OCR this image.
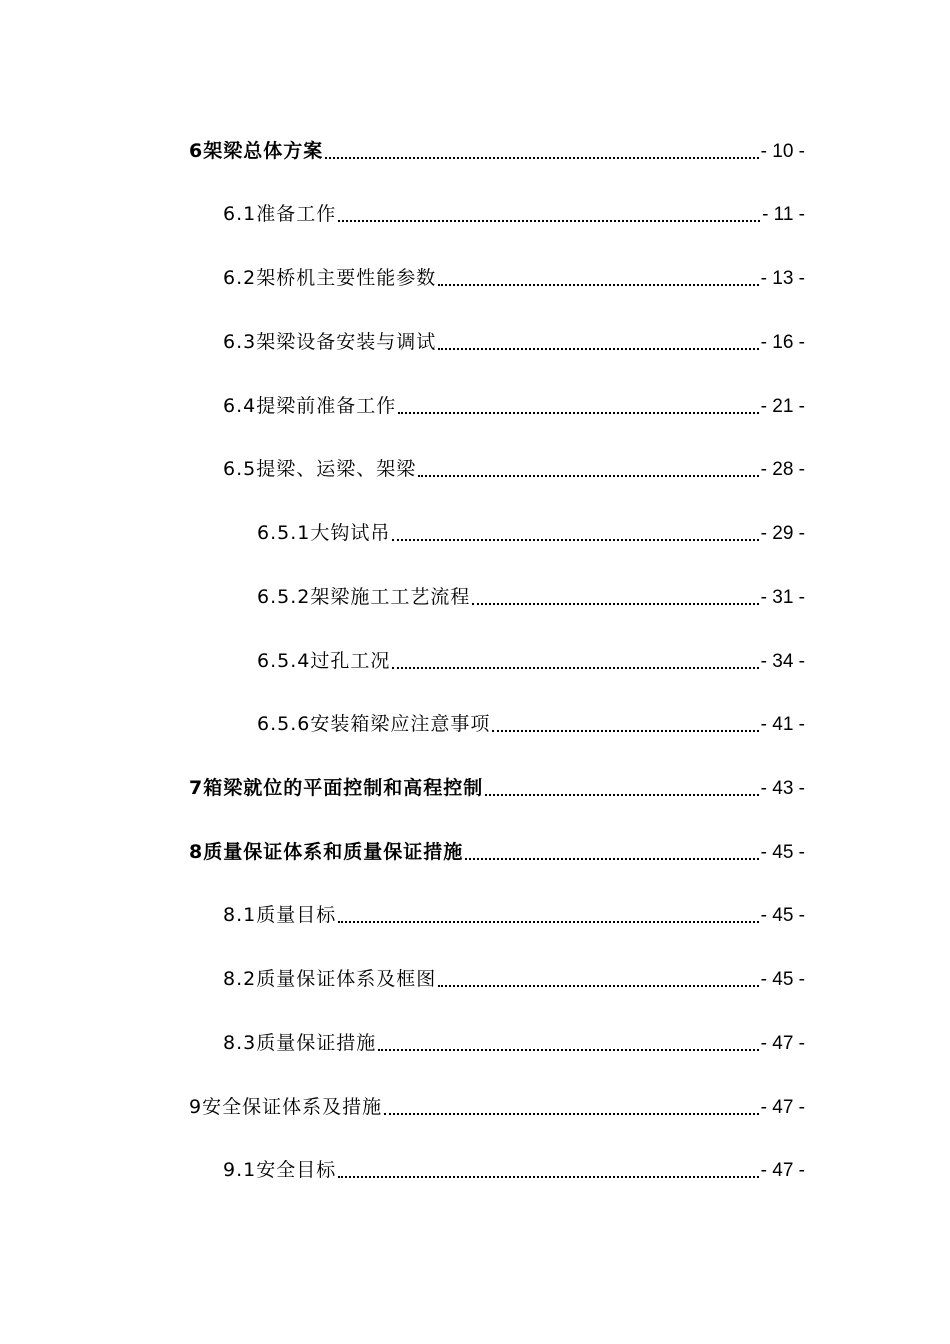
6架梁总体方案	- 10 -
6.1准备工作	- 11 -
6.2架桥机主要性能参数	- 13 -
6.3架梁设备安装与调试	- 16 -
6.4提梁前准备工作	- 21 -
6.5提梁、运梁、架梁	- 28 -
6.5.1大钩试吊	- 29 -
6.5.2架梁施工工艺流程	- 31 -
6.5.4过孔工况	- 34 -
6.5.6安装箱梁应注意事项	- 41 -
7箱梁就位的平面控制和高程控制	- 43 -
8质量保证体系和质量保证措施	- 45 -
8.1质量目标	- 45 -
8.2质量保证体系及框图	- 45 -
8.3质量保证措施	- 47 -
9安全保证体系及措施	- 47 -
9.1安全目标	- 47 -
